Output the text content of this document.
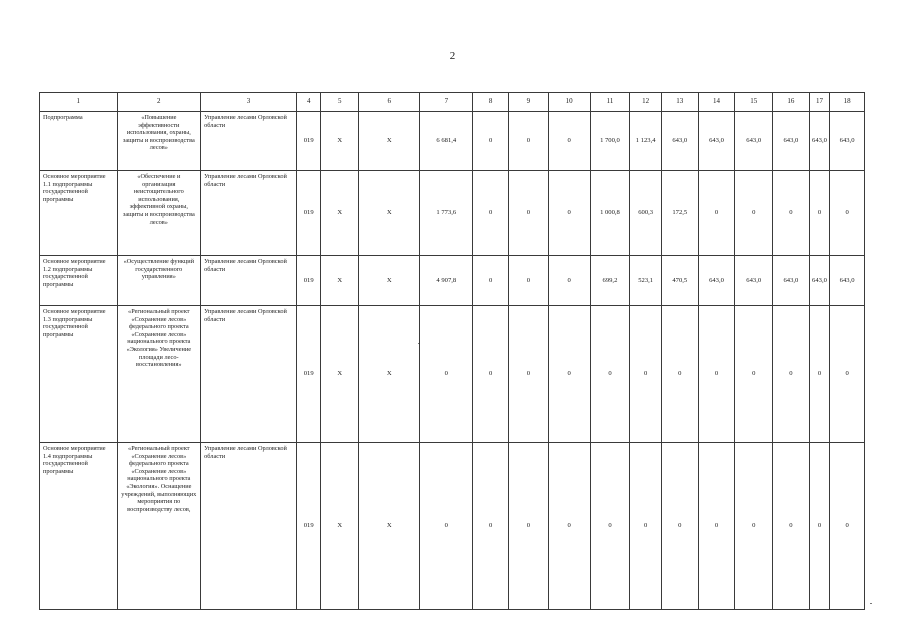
2
1	2	3	4	5	6	7	8	9	10	11	12	13	14	15	16	17	18
Подпрограмма	«Повышение эффективности использования, охраны, защиты и воспроизводства лесов»	Управление лесами Орловской области	019	Х	Х	6 681,4	0	0	0	1 700,0	1 123,4	643,0	643,0	643,0	643,0	643,0	643,0
Основное мероприятие 1.1 подпрограммы государственной программы	«Обеспечение и организация неистощительного использования, эффективной охраны, защиты и воспроизводства лесов»	Управление лесами Орловской области	019	Х	Х	1 773,6	0	0	0	1 000,8	600,3	172,5	0	0	0	0	0
Основное мероприятие 1.2 подпрограммы государственной программы	«Осуществление функций государственного управления»	Управление лесами Орловской области	019	Х	Х	4 907,8	0	0	0	699,2	523,1	470,5	643,0	643,0	643,0	643,0	643,0
Основное мероприятие 1.3 подпрограммы государственной программы	«Региональный проект «Сохранение лесов» федерального проекта «Сохранение лесов» национального проекта «Экология» Увеличение площади лесо-восстановления»	Управление лесами Орловской области	019	Х	Х	0	0	0	0	0	0	0	0	0	0	0	0
Основное мероприятие 1.4 подпрограммы государственной программы	«Региональный проект «Сохранение лесов» федерального проекта «Сохранение лесов» национального проекта «Экология». Оснащение учреждений, выполняющих мероприятия по воспроизводству лесов,	Управление лесами Орловской области	019	Х	Х	0	0	0	0	0	0	0	0	0	0	0	0
